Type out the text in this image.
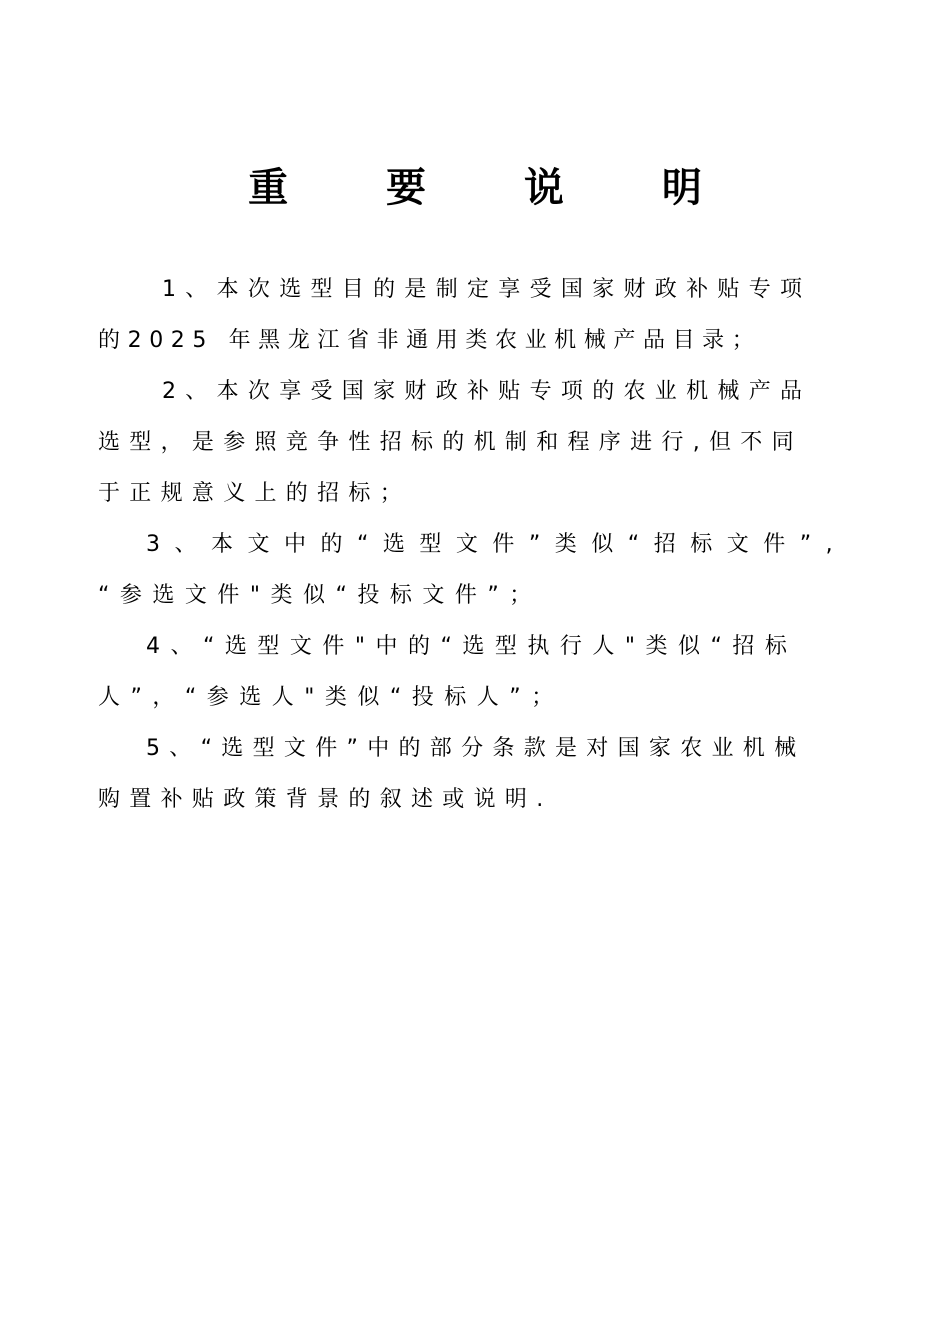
重 要 说 明
1、本次选型目的是制定享受国家财政补贴专项
的2025 年黑龙江省非通用类农业机械产品目录；
2、本次享受国家财政补贴专项的农业机械产品
选型，是参照竞争性招标的机制和程序进行,但不同
于正规意义上的招标；
3、本文中的“选型文件”类似“招标文件”,
“参选文件"类似“投标文件”；
4、“选型文件"中的“选型执行人"类似“招标
人”，“参选人"类似“投标人”；
5、“选型文件”中的部分条款是对国家农业机械
购置补贴政策背景的叙述或说明.
